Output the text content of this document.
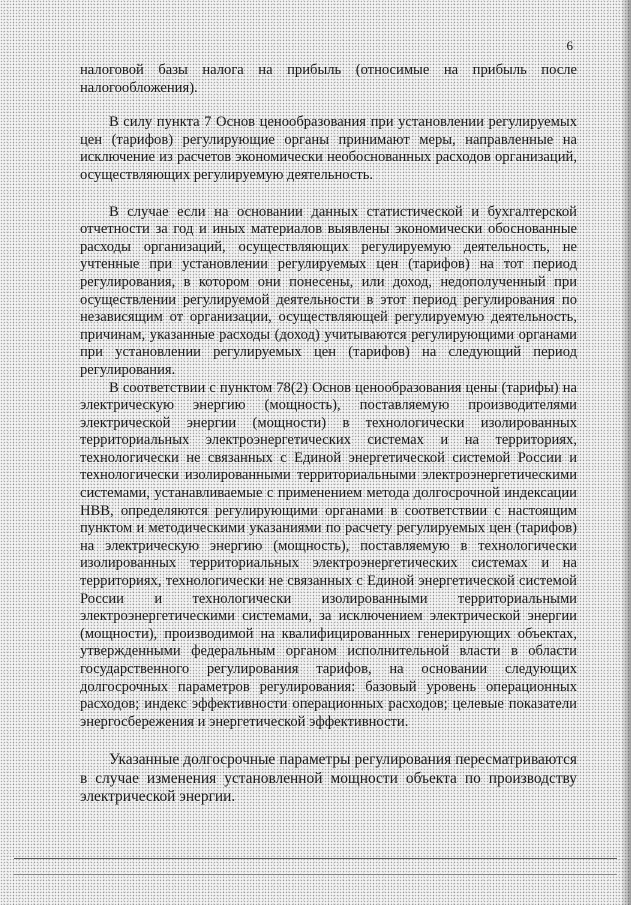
6

налоговой базы налога на прибыль (относимые на прибыль после налогообложения).

В силу пункта 7 Основ ценообразования при установлении регулируемых цен (тарифов) регулирующие органы принимают меры, направленные на исключение из расчетов экономически необоснованных расходов организаций, осуществляющих регулируемую деятельность.

В случае если на основании данных статистической и бухгалтерской отчетности за год и иных материалов выявлены экономически обоснованные расходы организаций, осуществляющих регулируемую деятельность, не учтенные при установлении регулируемых цен (тарифов) на тот период регулирования, в котором они понесены, или доход, недополученный при осуществлении регулируемой деятельности в этот период регулирования по независящим от организации, осуществляющей регулируемую деятельность, причинам, указанные расходы (доход) учитываются регулирующими органами при установлении регулируемых цен (тарифов) на следующий период регулирования.

В соответствии с пунктом 78(2) Основ ценообразования цены (тарифы) на электрическую энергию (мощность), поставляемую производителями электрической энергии (мощности) в технологически изолированных территориальных электроэнергетических системах и на территориях, технологически не связанных с Единой энергетической системой России и технологически изолированными территориальными электроэнергетическими системами, устанавливаемые с применением метода долгосрочной индексации НВВ, определяются регулирующими органами в соответствии с настоящим пунктом и методическими указаниями по расчету регулируемых цен (тарифов) на электрическую энергию (мощность), поставляемую в технологически изолированных территориальных электроэнергетических системах и на территориях, технологически не связанных с Единой энергетической системой России и технологически изолированными территориальными электроэнергетическими системами, за исключением электрической энергии (мощности), производимой на квалифицированных генерирующих объектах, утвержденными федеральным органом исполнительной власти в области государственного регулирования тарифов, на основании следующих долгосрочных параметров регулирования: базовый уровень операционных расходов; индекс эффективности операционных расходов; целевые показатели энергосбережения и энергетической эффективности.

Указанные долгосрочные параметры регулирования пересматриваются в случае изменения установленной мощности объекта по производству электрической энергии.
